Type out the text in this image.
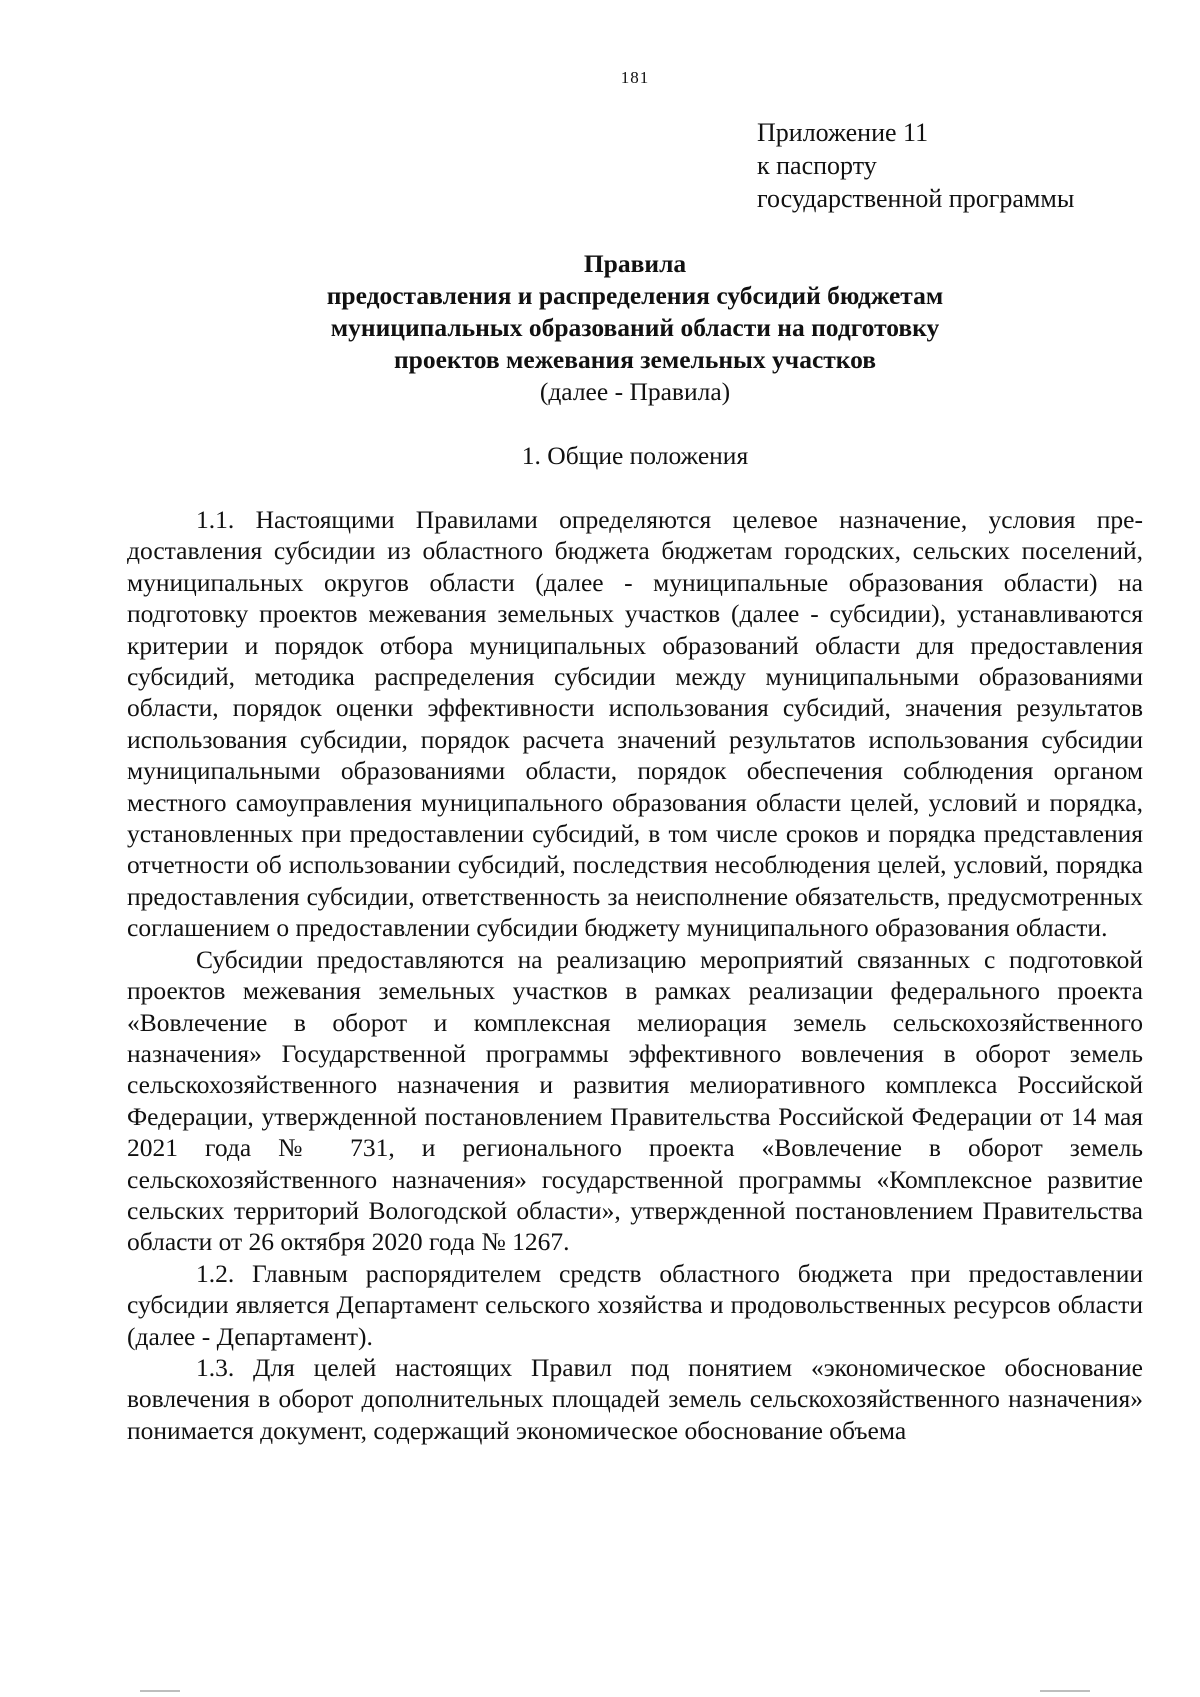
181
Приложение 11
к паспорту
государственной программы
Правила
предоставления и распределения субсидий бюджетам
муниципальных образований области на подготовку
проектов межевания земельных участков
(далее - Правила)
1. Общие положения

1.1. Настоящими Правилами определяются целевое назначение, условия предоставления субсидии из областного бюджета бюджетам городских, сельских поселений, муниципальных округов области (далее - муниципальные образования области) на подготовку проектов межевания земельных участков (далее - субсидии), устанавливаются критерии и порядок отбора муниципальных образований области для предоставления субсидий, методика распределения субсидии между муниципальными образованиями области, порядок оценки эффективности использования субсидий, значения результатов использования субсидии, порядок расчета значений результатов использования субсидии муниципальными образованиями области, порядок обеспечения соблюдения органом местного самоуправления муниципального образования области целей, условий и порядка, установленных при предоставлении субсидий, в том числе сроков и порядка представления отчетности об использовании субсидий, последствия несоблюдения целей, условий, порядка предоставления субсидии, ответственность за неисполнение обязательств, предусмотренных соглашением о предоставлении субсидии бюджету муниципального образования области.

Субсидии предоставляются на реализацию мероприятий связанных с подготовкой проектов межевания земельных участков в рамках реализации федерального проекта «Вовлечение в оборот и комплексная мелиорация земель сельскохозяйственного назначения» Государственной программы эффективного вовлечения в оборот земель сельскохозяйственного назначения и развития мелиоративного комплекса Российской Федерации, утвержденной постановлением Правительства Российской Федерации от 14 мая 2021 года № 731, и регионального проекта «Вовлечение в оборот земель сельскохозяйственного назначения» государственной программы «Комплексное развитие сельских территорий Вологодской области», утвержденной постановлением Правительства области от 26 октября 2020 года № 1267.

1.2. Главным распорядителем средств областного бюджета при предоставлении субсидии является Департамент сельского хозяйства и продовольственных ресурсов области (далее - Департамент).

1.3. Для целей настоящих Правил под понятием «экономическое обоснование вовлечения в оборот дополнительных площадей земель сельскохозяйственного назначения» понимается документ, содержащий экономическое обоснование объема
